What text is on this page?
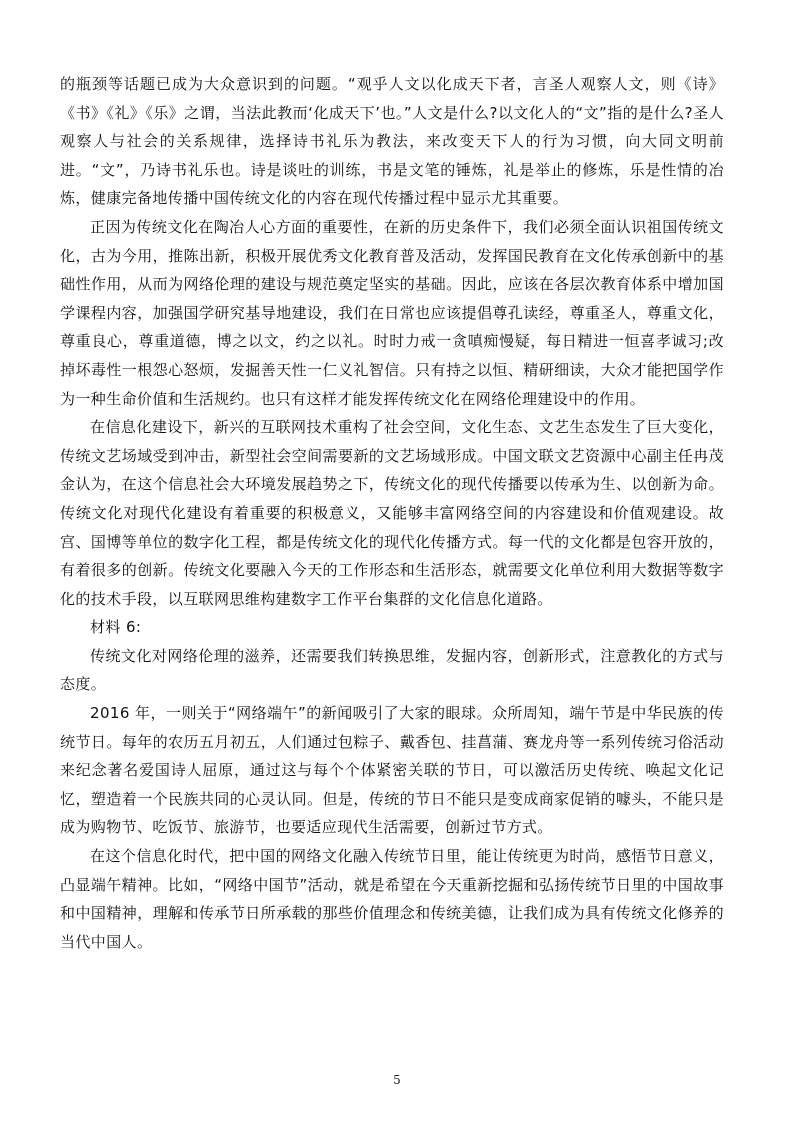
的瓶颈等话题已成为大众意识到的问题。“观乎人文以化成天下者，言圣人观察人文，则《诗》《书》《礼》《乐》之谓，当法此教而‘化成天下’也。”人文是什么?以文化人的“文”指的是什么?圣人观察人与社会的关系规律，选择诗书礼乐为教法，来改变天下人的行为习惯，向大同文明前进。“文”，乃诗书礼乐也。诗是谈吐的训练，书是文笔的锤炼，礼是举止的修炼，乐是性情的冶炼，健康完备地传播中国传统文化的内容在现代传播过程中显示尤其重要。

正因为传统文化在陶冶人心方面的重要性，在新的历史条件下，我们必须全面认识祖国传统文化，古为今用，推陈出新，积极开展优秀文化教育普及活动，发挥国民教育在文化传承创新中的基础性作用，从而为网络伦理的建设与规范奠定坚实的基础。因此，应该在各层次教育体系中增加国学课程内容，加强国学研究基导地建设，我们在日常也应该提倡尊孔读经，尊重圣人，尊重文化，尊重良心，尊重道德，博之以文，约之以礼。时时力戒一贪嗔痴慢疑，每日精进一恒喜孝诚习;改掉坏毒性一根怨心怒烦，发掘善天性一仁义礼智信。只有持之以恒、精研细读，大众才能把国学作为一种生命价值和生活规约。也只有这样才能发挥传统文化在网络伦理建设中的作用。

在信息化建设下，新兴的互联网技术重构了社会空间，文化生态、文艺生态发生了巨大变化，传统文艺场域受到冲击，新型社会空间需要新的文艺场域形成。中国文联文艺资源中心副主任冉茂金认为，在这个信息社会大环境发展趋势之下，传统文化的现代传播要以传承为生、以创新为命。传统文化对现代化建设有着重要的积极意义，又能够丰富网络空间的内容建设和价值观建设。故宫、国博等单位的数字化工程，都是传统文化的现代化传播方式。每一代的文化都是包容开放的，有着很多的创新。传统文化要融入今天的工作形态和生活形态，就需要文化单位利用大数据等数字化的技术手段，以互联网思维构建数字工作平台集群的文化信息化道路。

材料 6:

传统文化对网络伦理的滋养，还需要我们转换思维，发掘内容，创新形式，注意教化的方式与态度。

2016 年，一则关于“网络端午”的新闻吸引了大家的眼球。众所周知，端午节是中华民族的传统节日。每年的农历五月初五，人们通过包粽子、戴香包、挂菖蒲、赛龙舟等一系列传统习俗活动来纪念著名爱国诗人屈原，通过这与每个个体紧密关联的节日，可以激活历史传统、唤起文化记忆，塑造着一个民族共同的心灵认同。但是，传统的节日不能只是变成商家促销的噱头，不能只是成为购物节、吃饭节、旅游节，也要适应现代生活需要，创新过节方式。

在这个信息化时代，把中国的网络文化融入传统节日里，能让传统更为时尚，感悟节日意义，凸显端午精神。比如，“网络中国节”活动，就是希望在今天重新挖掘和弘扬传统节日里的中国故事和中国精神，理解和传承节日所承载的那些价值理念和传统美德，让我们成为具有传统文化修养的当代中国人。

5
